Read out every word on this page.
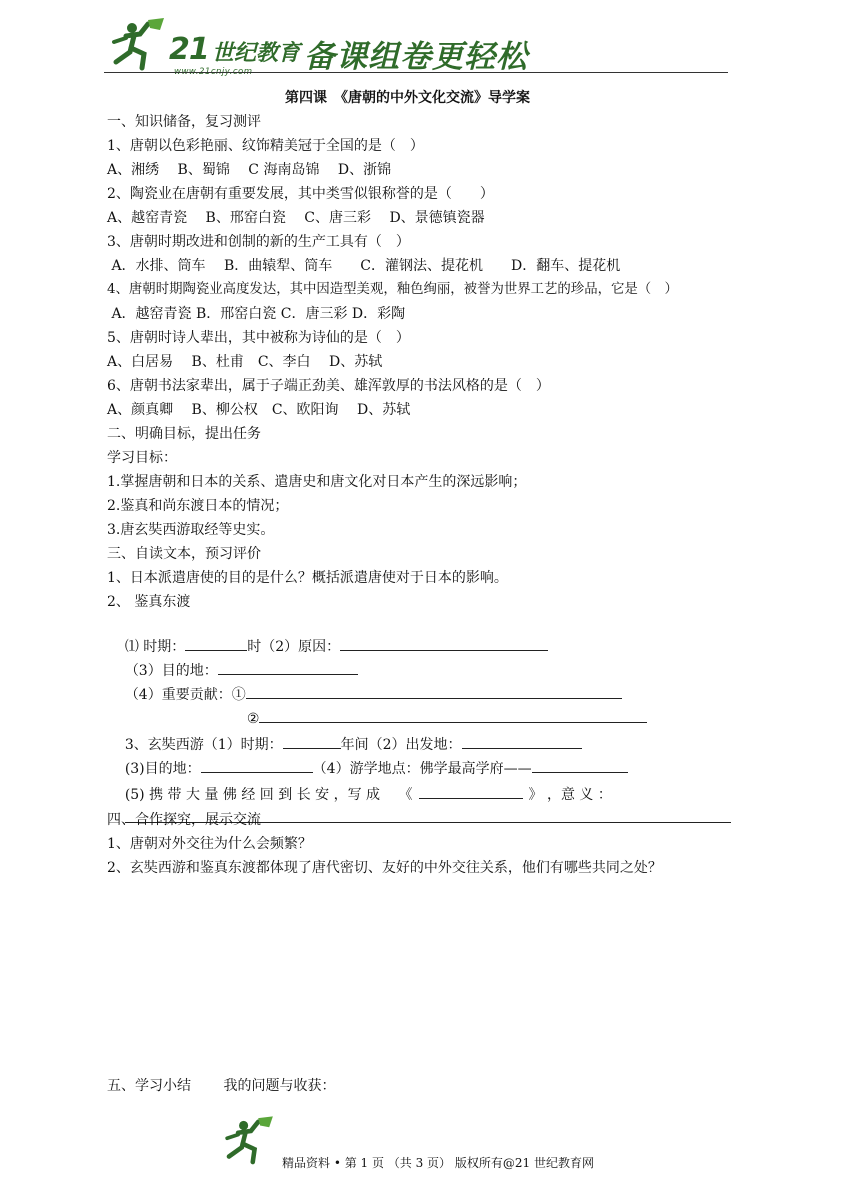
21 世纪教育
www.21cnjy.com 备课组卷更轻松
第四课　《唐朝的中外文化交流》导学案
一、知识储备，复习测评
1、唐朝以色彩艳丽、纹饰精美冠于全国的是（　）
A、湘绣　 B、蜀锦　 C 海南岛锦　 D、浙锦
2、陶瓷业在唐朝有重要发展，其中类雪似银称誉的是（　　）
A、越窑青瓷　 B、邢窑白瓷　 C、唐三彩　 D、景德镇瓷器
3、唐朝时期改进和创制的新的生产工具有（　）
A．水排、筒车　 B．曲辕犁、筒车　　C．灌钢法、提花机　　D．翻车、提花机
4、唐朝时期陶瓷业高度发达，其中因造型美观，釉色绚丽，被誉为世界工艺的珍品，它是（　）
A．越窑青瓷 B．邢窑白瓷 C．唐三彩 D．彩陶
5、唐朝时诗人辈出，其中被称为诗仙的是（　）
A、白居易　 B、杜甫　C、李白　 D、苏轼
6、唐朝书法家辈出，属于子端正劲美、雄浑敦厚的书法风格的是（　）
A、颜真卿　 B、柳公权　C、欧阳询　 D、苏轼
二、明确目标，提出任务
学习目标：
1.掌握唐朝和日本的关系、遣唐史和唐文化对日本产生的深远影响；
2.鉴真和尚东渡日本的情况；
3.唐玄奘西游取经等史实。
三、自读文本，预习评价
1、日本派遣唐使的目的是什么？概括派遣唐使对于日本的影响。
2、 鉴真东渡

⑴ 时期：	时（2）原因：

（3）目的地：

（4）重要贡献：①

②

3、玄奘西游（1）时期：	年间（2）出发地：

(3)目的地：	（4）游学地点：佛学最高学府——

(5) 携 带 大 量 佛 经 回 到 长 安 ，写 成　 《	》 ，意 义 ：

四、合作探究，展示交流
1、唐朝对外交往为什么会频繁？
2、玄奘西游和鉴真东渡都体现了唐代密切、友好的中外交往关系，他们有哪些共同之处？
五、学习小结　　 我的问题与收获：
精品资料 • 第 1 页 （共 3 页） 版权所有@21 世纪教育网
